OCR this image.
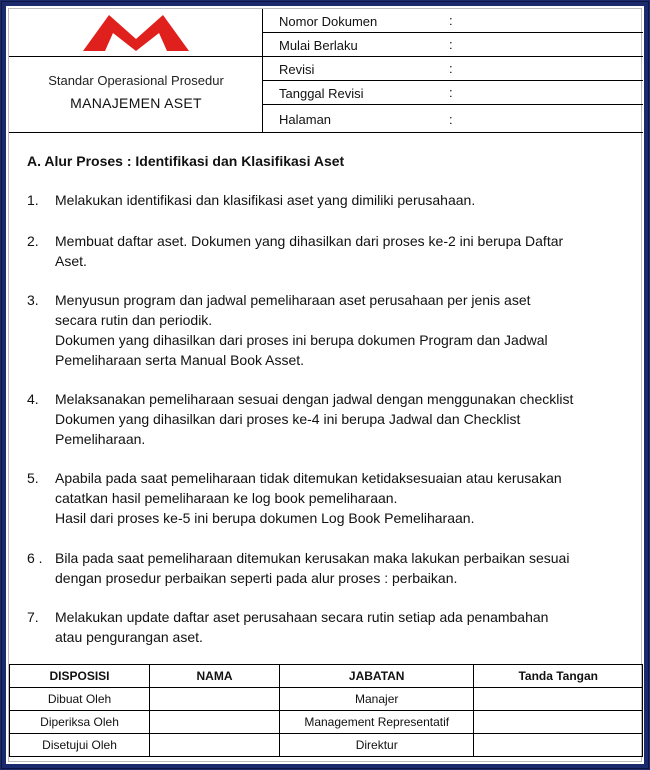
Standar Operasional Prosedur
MANAJEMEN ASET
Nomor Dokumen	:
Mulai Berlaku	:
Revisi	:
Tanggal Revisi	:
Halaman	:
A. Alur Proses : Identifikasi dan Klasifikasi Aset
1. Melakukan identifikasi dan klasifikasi aset yang dimiliki perusahaan.
2. Membuat daftar aset. Dokumen yang dihasilkan dari proses ke-2 ini berupa Daftar
Aset.
3. Menyusun program dan jadwal pemeliharaan aset perusahaan per jenis aset
secara rutin dan periodik.
Dokumen yang dihasilkan dari proses ini berupa dokumen Program dan Jadwal
Pemeliharaan serta Manual Book Asset.
4. Melaksanakan pemeliharaan sesuai dengan jadwal dengan menggunakan checklist
Dokumen yang dihasilkan dari proses ke-4 ini berupa Jadwal dan Checklist
Pemeliharaan.
5. Apabila pada saat pemeliharaan tidak ditemukan ketidaksesuaian atau kerusakan
catatkan hasil pemeliharaan ke log book pemeliharaan.
Hasil dari proses ke-5 ini berupa dokumen Log Book Pemeliharaan.
6 . Bila pada saat pemeliharaan ditemukan kerusakan maka lakukan perbaikan sesuai
dengan prosedur perbaikan seperti pada alur proses : perbaikan.
7. Melakukan update daftar aset perusahaan secara rutin setiap ada penambahan
atau pengurangan aset.
DISPOSISI	NAMA	JABATAN	Tanda Tangan
Dibuat Oleh		Manajer	
Diperiksa Oleh		Management Representatif	
Disetujui Oleh		Direktur	
